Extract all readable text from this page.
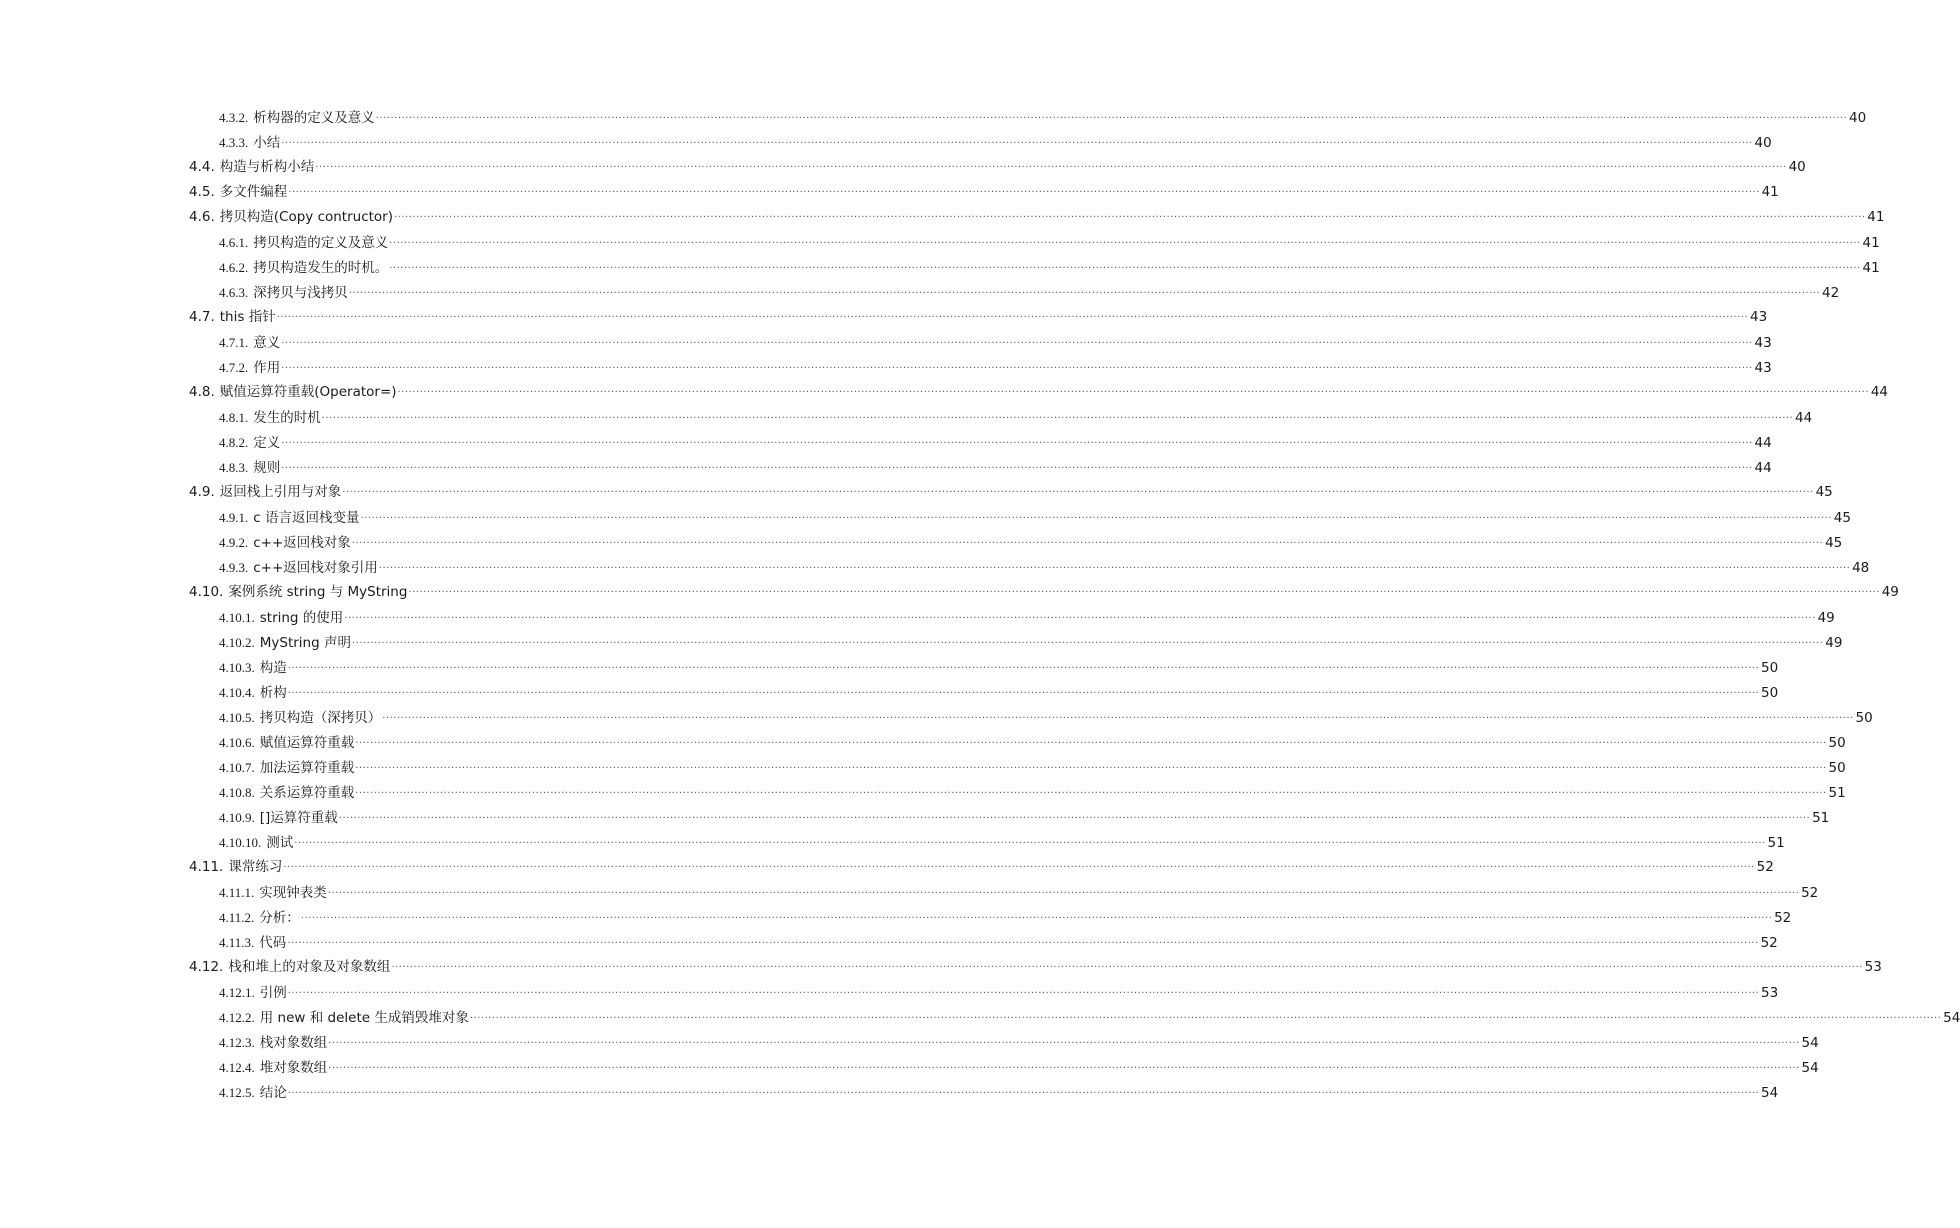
4.3.2. 析构器的定义及意义 ················································································································································································································································································································································································································ 40
4.3.3. 小结 ················································································································································································································································································································································································································ 40
4.4. 构造与析构小结 ················································································································································································································································································································································································································ 40
4.5. 多文件编程 ················································································································································································································································································································································································································ 41
4.6. 拷贝构造(Copy contructor) ················································································································································································································································································································································································································ 41
4.6.1. 拷贝构造的定义及意义 ················································································································································································································································································································································································································ 41
4.6.2. 拷贝构造发生的时机。 ················································································································································································································································································································································································································ 41
4.6.3. 深拷贝与浅拷贝 ················································································································································································································································································································································································································ 42
4.7. this 指针 ················································································································································································································································································································································································································ 43
4.7.1. 意义 ················································································································································································································································································································································································································ 43
4.7.2. 作用 ················································································································································································································································································································································································································ 43
4.8. 赋值运算符重载(Operator=) ················································································································································································································································································································································································································ 44
4.8.1. 发生的时机 ················································································································································································································································································································································································································ 44
4.8.2. 定义 ················································································································································································································································································································································································································ 44
4.8.3. 规则 ················································································································································································································································································································································································································ 44
4.9. 返回栈上引用与对象 ················································································································································································································································································································································································································ 45
4.9.1. c 语言返回栈变量 ················································································································································································································································································································································································································ 45
4.9.2. c++返回栈对象 ················································································································································································································································································································································································································ 45
4.9.3. c++返回栈对象引用 ················································································································································································································································································································································································································ 48
4.10. 案例系统 string 与 MyString ················································································································································································································································································································································································································ 49
4.10.1. string 的使用 ················································································································································································································································································································································································································ 49
4.10.2. MyString 声明 ················································································································································································································································································································································································································ 49
4.10.3. 构造 ················································································································································································································································································································································································································ 50
4.10.4. 析构 ················································································································································································································································································································································································································ 50
4.10.5. 拷贝构造（深拷贝） ················································································································································································································································································································································································································ 50
4.10.6. 赋值运算符重载 ················································································································································································································································································································································································································ 50
4.10.7. 加法运算符重载 ················································································································································································································································································································································································································ 50
4.10.8. 关系运算符重载 ················································································································································································································································································································································································································ 51
4.10.9. []运算符重载 ················································································································································································································································································································································································································ 51
4.10.10. 测试 ················································································································································································································································································································································································································ 51
4.11. 课常练习 ················································································································································································································································································································································································································ 52
4.11.1. 实现钟表类 ················································································································································································································································································································································································································ 52
4.11.2. 分析： ················································································································································································································································································································································································································ 52
4.11.3. 代码 ················································································································································································································································································································································································································ 52
4.12. 栈和堆上的对象及对象数组 ················································································································································································································································································································································································································ 53
4.12.1. 引例 ················································································································································································································································································································································································································ 53
4.12.2. 用 new 和 delete 生成销毁堆对象 ················································································································································································································································································································································································································ 54
4.12.3. 栈对象数组 ················································································································································································································································································································································································································ 54
4.12.4. 堆对象数组 ················································································································································································································································································································································································································ 54
4.12.5. 结论 ················································································································································································································································································································································································································ 54
